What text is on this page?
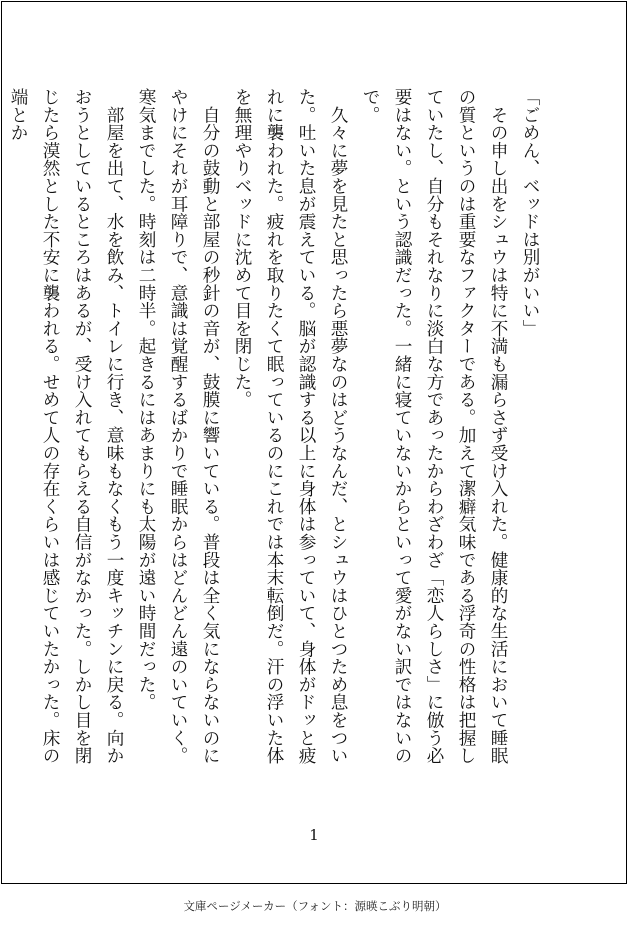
「ごめん、ベッドは別がいい」

　その申し出をシュウは特に不満も漏らさず受け入れた。健康的な生活において睡眠の質というのは重要なファクターである。加えて潔癖気味である浮奇の性格は把握していたし、自分もそれなりに淡白な方であったからわざわざ「恋人らしさ」に倣う必要はない。という認識だった。一緒に寝ていないからといって愛がない訳ではないので。

　久々に夢を見たと思ったら悪夢なのはどうなんだ、とシュウはひとつため息をついた。吐いた息が震えている。脳が認識する以上に身体は参っていて、身体がドッと疲れに襲われた。疲れを取りたくて眠っているのにこれでは本末転倒だ。汗の浮いた体を無理やりベッドに沈めて目を閉じた。

　自分の鼓動と部屋の秒針の音が、鼓膜に響いている。普段は全く気にならないのにやけにそれが耳障りで、意識は覚醒するばかりで睡眠からはどんどん遠のいていく。寒気までした。時刻は二時半。起きるにはあまりにも太陽が遠い時間だった。

　部屋を出て、水を飲み、トイレに行き、意味もなくもう一度キッチンに戻る。向かおうとしているところはあるが、受け入れてもらえる自信がなかった。しかし目を閉じたら漠然とした不安に襲われる。せめて人の存在くらいは感じていたかった。床の端とか

1
文庫ページメーカー（フォント：源暎こぶり明朝）
